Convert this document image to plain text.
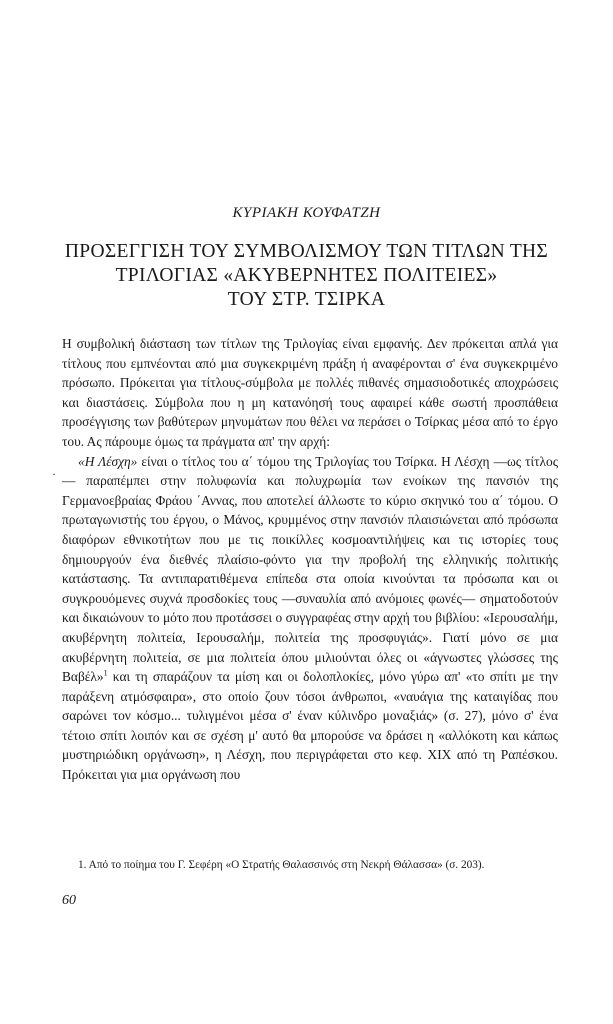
ΚΥΡΙΑΚΗ ΚΟΥΦΑΤΖΗ
ΠΡΟΣΕΓΓΙΣΗ ΤΟΥ ΣΥΜΒΟΛΙΣΜΟΥ ΤΩΝ ΤΙΤΛΩΝ ΤΗΣ
ΤΡΙΛΟΓΙΑΣ «ΑΚΥΒΕΡΝΗΤΕΣ ΠΟΛΙΤΕΙΕΣ»
ΤΟΥ ΣΤΡ. ΤΣΙΡΚΑ
·

Η συμβολική διάσταση των τίτλων της Τριλογίας είναι εμφανής. Δεν πρόκειται απλά για τίτλους που εμπνέονται από μια συγκεκριμένη πράξη ή αναφέρονται σ' ένα συγκεκριμένο πρόσωπο. Πρόκειται για τίτλους-σύμβολα με πολλές πιθανές σημασιοδοτικές αποχρώσεις και διαστάσεις. Σύμβολα που η μη κατανόησή τους αφαιρεί κάθε σωστή προσπάθεια προσέγγισης των βαθύτερων μηνυμάτων που θέλει να περάσει ο Τσίρκας μέσα από το έργο του. Ας πάρουμε όμως τα πράγματα απ' την αρχή:

«Η Λέσχη» είναι ο τίτλος του α΄ τόμου της Τριλογίας του Τσίρκα. Η Λέσχη —ως τίτλος— παραπέμπει στην πολυφωνία και πολυχρωμία των ενοίκων της πανσιόν της Γερμανοεβραίας Φράου ΄Αννας, που αποτελεί άλλωστε το κύριο σκηνικό του α΄ τόμου. Ο πρωταγωνιστής του έργου, ο Μάνος, κρυμμένος στην πανσιόν πλαισιώνεται από πρόσωπα διαφόρων εθνικοτήτων που με τις ποικίλλες κοσμοαντιλήψεις και τις ιστορίες τους δημιουργούν ένα διεθνές πλαίσιο-φόντο για την προβολή της ελληνικής πολιτικής κατάστασης. Τα αντιπαρατιθέμενα επίπεδα στα οποία κινούνται τα πρόσωπα και οι συγκρουόμενες συχνά προσδοκίες τους —συναυλία από ανόμοιες φωνές— σηματοδοτούν και δικαιώνουν το μότο που προτάσσει ο συγγραφέας στην αρχή του βιβλίου: «Ιερουσαλήμ, ακυβέρνητη πολιτεία, Ιερουσαλήμ, πολιτεία της προσφυγιάς». Γιατί μόνο σε μια ακυβέρνητη πολιτεία, σε μια πολιτεία όπου μιλιούνται όλες οι «άγνωστες γλώσσες της Βαβέλ»$^1$ και τη σπαράζουν τα μίση και οι δολοπλοκίες, μόνο γύρω απ' «το σπίτι με την παράξενη ατμόσφαιρα», στο οποίο ζουν τόσοι άνθρωποι, «ναυάγια της καταιγίδας που σαρώνει τον κόσμο... τυλιγμένοι μέσα σ' έναν κύλινδρο μοναξιάς» (σ. 27), μόνο σ' ένα τέτοιο σπίτι λοιπόν και σε σχέση μ' αυτό θα μπορούσε να δράσει η «αλλόκοτη και κάπως μυστηριώδικη οργάνωση», η Λέσχη, που περιγράφεται στο κεφ. XIX από τη Ραπέσκου. Πρόκειται για μια οργάνωση που

1. Από το ποίημα του Γ. Σεφέρη «Ο Στρατής Θαλασσινός στη Νεκρή Θάλασσα» (σ. 203).
60
